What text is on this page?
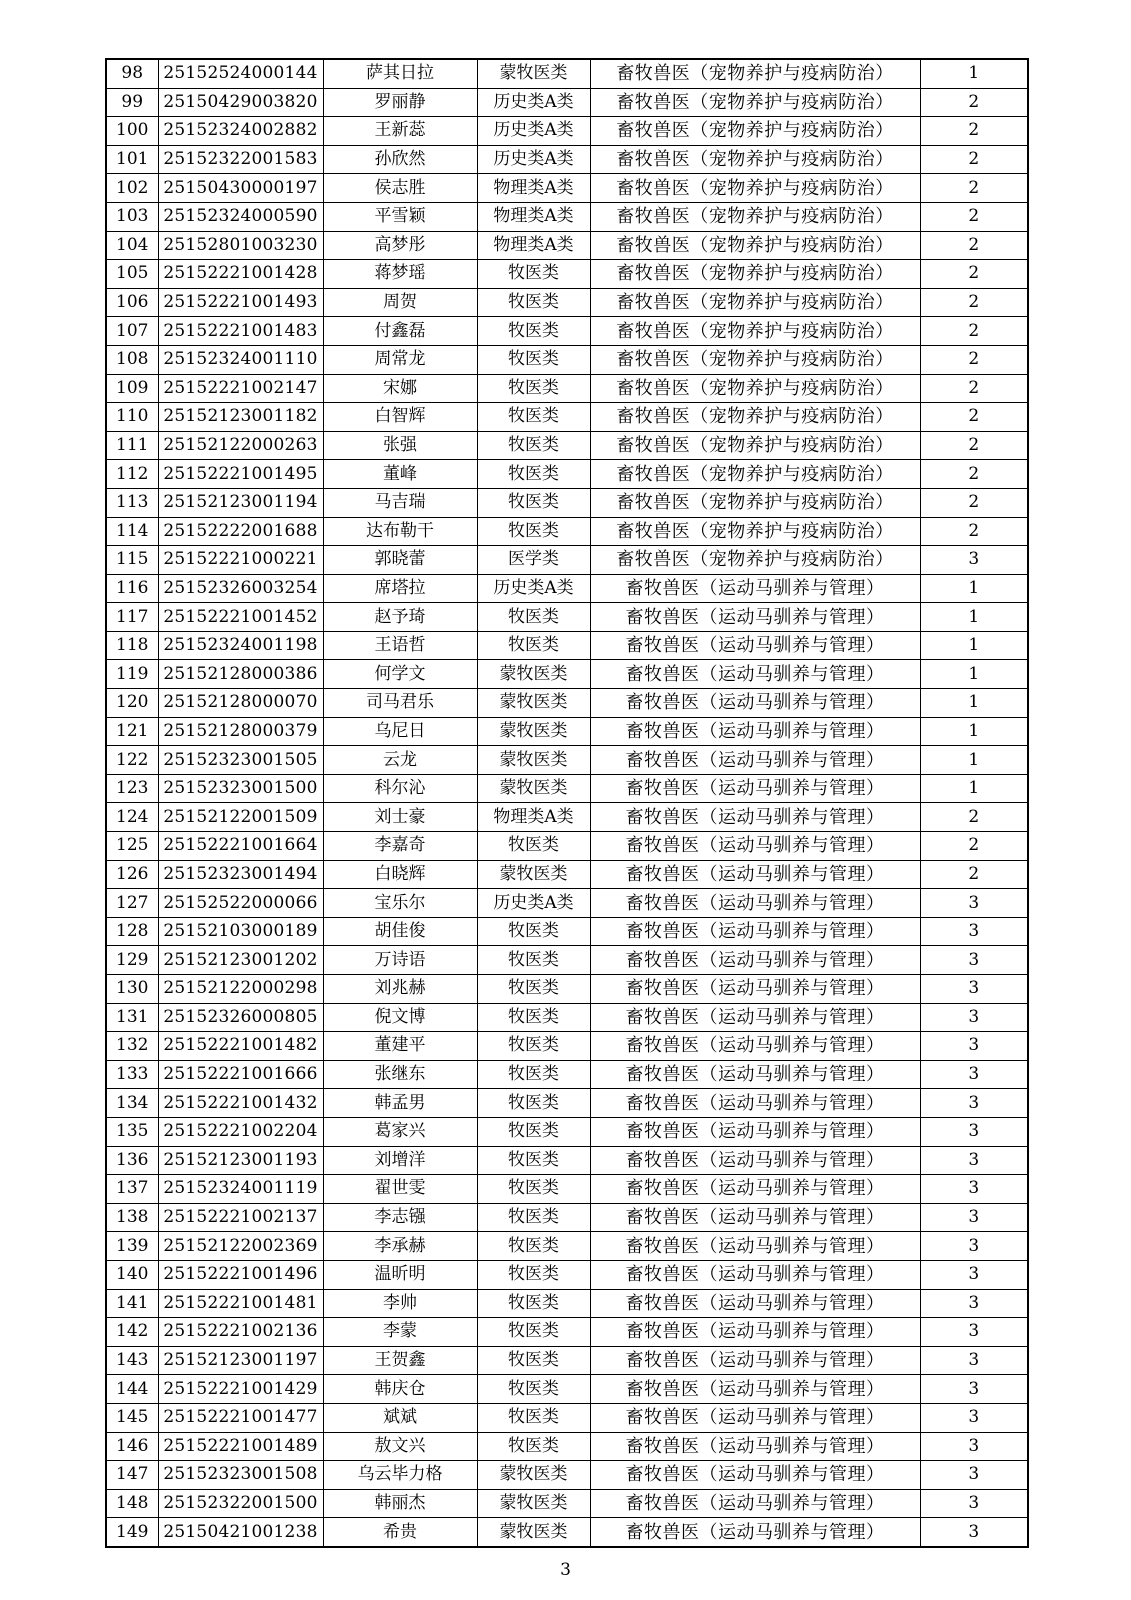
98	25152524000144	萨其日拉	蒙牧医类	畜牧兽医（宠物养护与疫病防治）	1
99	25150429003820	罗丽静	历史类A类	畜牧兽医（宠物养护与疫病防治）	2
100	25152324002882	王新蕊	历史类A类	畜牧兽医（宠物养护与疫病防治）	2
101	25152322001583	孙欣然	历史类A类	畜牧兽医（宠物养护与疫病防治）	2
102	25150430000197	侯志胜	物理类A类	畜牧兽医（宠物养护与疫病防治）	2
103	25152324000590	平雪颖	物理类A类	畜牧兽医（宠物养护与疫病防治）	2
104	25152801003230	高梦彤	物理类A类	畜牧兽医（宠物养护与疫病防治）	2
105	25152221001428	蒋梦瑶	牧医类	畜牧兽医（宠物养护与疫病防治）	2
106	25152221001493	周贺	牧医类	畜牧兽医（宠物养护与疫病防治）	2
107	25152221001483	付鑫磊	牧医类	畜牧兽医（宠物养护与疫病防治）	2
108	25152324001110	周常龙	牧医类	畜牧兽医（宠物养护与疫病防治）	2
109	25152221002147	宋娜	牧医类	畜牧兽医（宠物养护与疫病防治）	2
110	25152123001182	白智辉	牧医类	畜牧兽医（宠物养护与疫病防治）	2
111	25152122000263	张强	牧医类	畜牧兽医（宠物养护与疫病防治）	2
112	25152221001495	董峰	牧医类	畜牧兽医（宠物养护与疫病防治）	2
113	25152123001194	马吉瑞	牧医类	畜牧兽医（宠物养护与疫病防治）	2
114	25152222001688	达布勒干	牧医类	畜牧兽医（宠物养护与疫病防治）	2
115	25152221000221	郭晓蕾	医学类	畜牧兽医（宠物养护与疫病防治）	3
116	25152326003254	席塔拉	历史类A类	畜牧兽医（运动马驯养与管理）	1
117	25152221001452	赵予琦	牧医类	畜牧兽医（运动马驯养与管理）	1
118	25152324001198	王语哲	牧医类	畜牧兽医（运动马驯养与管理）	1
119	25152128000386	何学文	蒙牧医类	畜牧兽医（运动马驯养与管理）	1
120	25152128000070	司马君乐	蒙牧医类	畜牧兽医（运动马驯养与管理）	1
121	25152128000379	乌尼日	蒙牧医类	畜牧兽医（运动马驯养与管理）	1
122	25152323001505	云龙	蒙牧医类	畜牧兽医（运动马驯养与管理）	1
123	25152323001500	科尔沁	蒙牧医类	畜牧兽医（运动马驯养与管理）	1
124	25152122001509	刘士豪	物理类A类	畜牧兽医（运动马驯养与管理）	2
125	25152221001664	李嘉奇	牧医类	畜牧兽医（运动马驯养与管理）	2
126	25152323001494	白晓辉	蒙牧医类	畜牧兽医（运动马驯养与管理）	2
127	25152522000066	宝乐尔	历史类A类	畜牧兽医（运动马驯养与管理）	3
128	25152103000189	胡佳俊	牧医类	畜牧兽医（运动马驯养与管理）	3
129	25152123001202	万诗语	牧医类	畜牧兽医（运动马驯养与管理）	3
130	25152122000298	刘兆赫	牧医类	畜牧兽医（运动马驯养与管理）	3
131	25152326000805	倪文博	牧医类	畜牧兽医（运动马驯养与管理）	3
132	25152221001482	董建平	牧医类	畜牧兽医（运动马驯养与管理）	3
133	25152221001666	张继东	牧医类	畜牧兽医（运动马驯养与管理）	3
134	25152221001432	韩孟男	牧医类	畜牧兽医（运动马驯养与管理）	3
135	25152221002204	葛家兴	牧医类	畜牧兽医（运动马驯养与管理）	3
136	25152123001193	刘增洋	牧医类	畜牧兽医（运动马驯养与管理）	3
137	25152324001119	翟世雯	牧医类	畜牧兽医（运动马驯养与管理）	3
138	25152221002137	李志镪	牧医类	畜牧兽医（运动马驯养与管理）	3
139	25152122002369	李承赫	牧医类	畜牧兽医（运动马驯养与管理）	3
140	25152221001496	温昕明	牧医类	畜牧兽医（运动马驯养与管理）	3
141	25152221001481	李帅	牧医类	畜牧兽医（运动马驯养与管理）	3
142	25152221002136	李蒙	牧医类	畜牧兽医（运动马驯养与管理）	3
143	25152123001197	王贺鑫	牧医类	畜牧兽医（运动马驯养与管理）	3
144	25152221001429	韩庆仓	牧医类	畜牧兽医（运动马驯养与管理）	3
145	25152221001477	斌斌	牧医类	畜牧兽医（运动马驯养与管理）	3
146	25152221001489	敖文兴	牧医类	畜牧兽医（运动马驯养与管理）	3
147	25152323001508	乌云毕力格	蒙牧医类	畜牧兽医（运动马驯养与管理）	3
148	25152322001500	韩丽杰	蒙牧医类	畜牧兽医（运动马驯养与管理）	3
149	25150421001238	希贵	蒙牧医类	畜牧兽医（运动马驯养与管理）	3
3
